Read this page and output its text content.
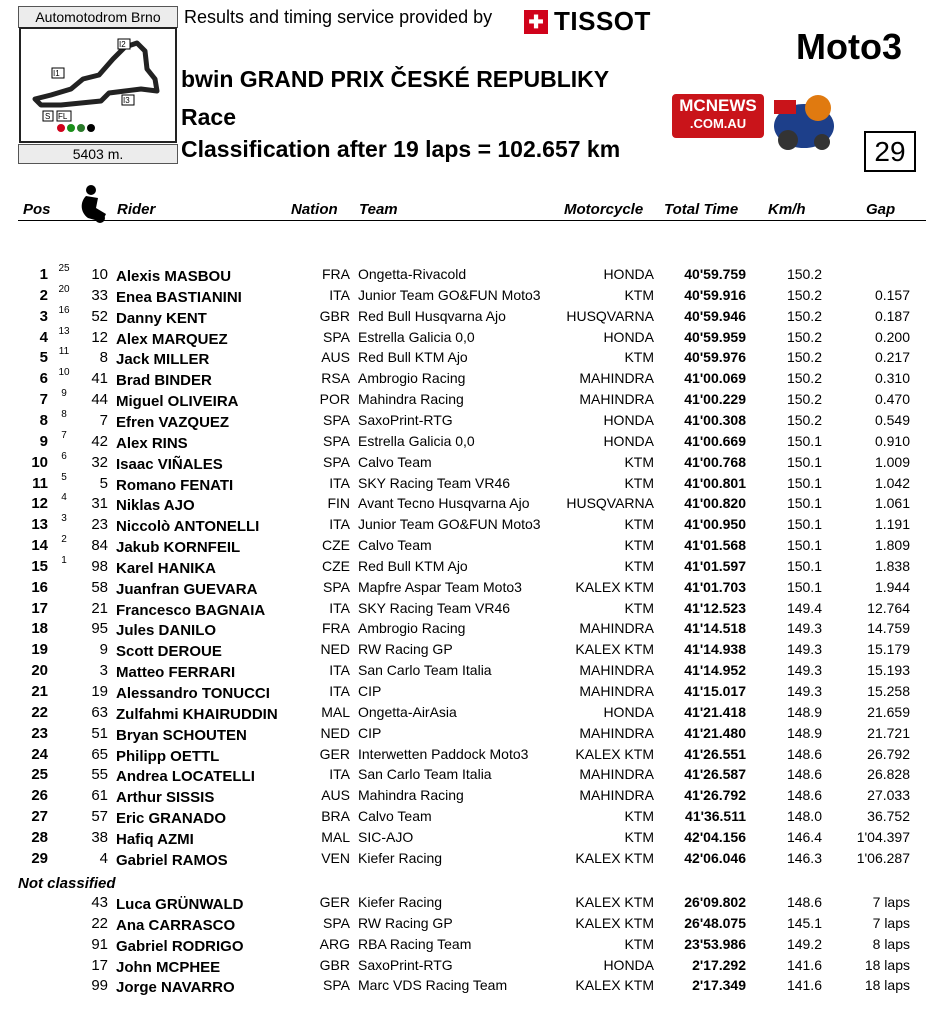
Automotodrom Brno
I1
I2
I3
S FL
5403 m.
Results and timing service provided by ✚ TISSOT
bwin GRAND PRIX ČESKÉ REPUBLIKY
Race
Classification after 19 laps = 102.657 km
Moto3
29
MCNEWS
.COM.AU
Pos	Rider	Nation Team	Motorcycle Total Time Km/h	Gap
1	25	10 Alexis MASBOU	FRA Ongetta-Rivacold	HONDA	40'59.759	150.2
2	20	33 Enea BASTIANINI	ITA Junior Team GO&FUN Moto3	KTM	40'59.916	150.2	0.157
3	16	52 Danny KENT	GBR Red Bull Husqvarna Ajo	HUSQVARNA	40'59.946	150.2	0.187
4	13	12 Alex MARQUEZ	SPA Estrella Galicia 0,0	HONDA	40'59.959	150.2	0.200
5	11	8 Jack MILLER	AUS Red Bull KTM Ajo	KTM	40'59.976	150.2	0.217
6	10	41 Brad BINDER	RSA Ambrogio Racing	MAHINDRA	41'00.069	150.2	0.310
7	9	44 Miguel OLIVEIRA	POR Mahindra Racing	MAHINDRA	41'00.229	150.2	0.470
8	8	7 Efren VAZQUEZ	SPA SaxoPrint-RTG	HONDA	41'00.308	150.2	0.549
9	7	42 Alex RINS	SPA Estrella Galicia 0,0	HONDA	41'00.669	150.1	0.910
10	6	32 Isaac VIÑALES	SPA Calvo Team	KTM	41'00.768	150.1	1.009
11	5	5 Romano FENATI	ITA SKY Racing Team VR46	KTM	41'00.801	150.1	1.042
12	4	31 Niklas AJO	FIN Avant Tecno Husqvarna Ajo	HUSQVARNA	41'00.820	150.1	1.061
13	3	23 Niccolò ANTONELLI	ITA Junior Team GO&FUN Moto3	KTM	41'00.950	150.1	1.191
14	2	84 Jakub KORNFEIL	CZE Calvo Team	KTM	41'01.568	150.1	1.809
15	1	98 Karel HANIKA	CZE Red Bull KTM Ajo	KTM	41'01.597	150.1	1.838
16	58 Juanfran GUEVARA	SPA Mapfre Aspar Team Moto3	KALEX KTM	41'01.703	150.1	1.944
17	21 Francesco BAGNAIA	ITA SKY Racing Team VR46	KTM	41'12.523	149.4	12.764
18	95 Jules DANILO	FRA Ambrogio Racing	MAHINDRA	41'14.518	149.3	14.759
19	9 Scott DEROUE	NED RW Racing GP	KALEX KTM	41'14.938	149.3	15.179
20	3 Matteo FERRARI	ITA San Carlo Team Italia	MAHINDRA	41'14.952	149.3	15.193
21	19 Alessandro TONUCCI	ITA CIP	MAHINDRA	41'15.017	149.3	15.258
22	63 Zulfahmi KHAIRUDDIN	MAL Ongetta-AirAsia	HONDA	41'21.418	148.9	21.659
23	51 Bryan SCHOUTEN	NED CIP	MAHINDRA	41'21.480	148.9	21.721
24	65 Philipp OETTL	GER Interwetten Paddock Moto3	KALEX KTM	41'26.551	148.6	26.792
25	55 Andrea LOCATELLI	ITA San Carlo Team Italia	MAHINDRA	41'26.587	148.6	26.828
26	61 Arthur SISSIS	AUS Mahindra Racing	MAHINDRA	41'26.792	148.6	27.033
27	57 Eric GRANADO	BRA Calvo Team	KTM	41'36.511	148.0	36.752
28	38 Hafiq AZMI	MAL SIC-AJO	KTM	42'04.156	146.4	1'04.397
29	4 Gabriel RAMOS	VEN Kiefer Racing	KALEX KTM	42'06.046	146.3	1'06.287
43 Luca GRÜNWALD	GER Kiefer Racing	KALEX KTM	26'09.802	148.6	7 laps
22 Ana CARRASCO	SPA RW Racing GP	KALEX KTM	26'48.075	145.1	7 laps
91 Gabriel RODRIGO	ARG RBA Racing Team	KTM	23'53.986	149.2	8 laps
17 John MCPHEE	GBR SaxoPrint-RTG	HONDA	2'17.292	141.6	18 laps
99 Jorge NAVARRO	SPA Marc VDS Racing Team	KALEX KTM	2'17.349	141.6	18 laps
Not classified
